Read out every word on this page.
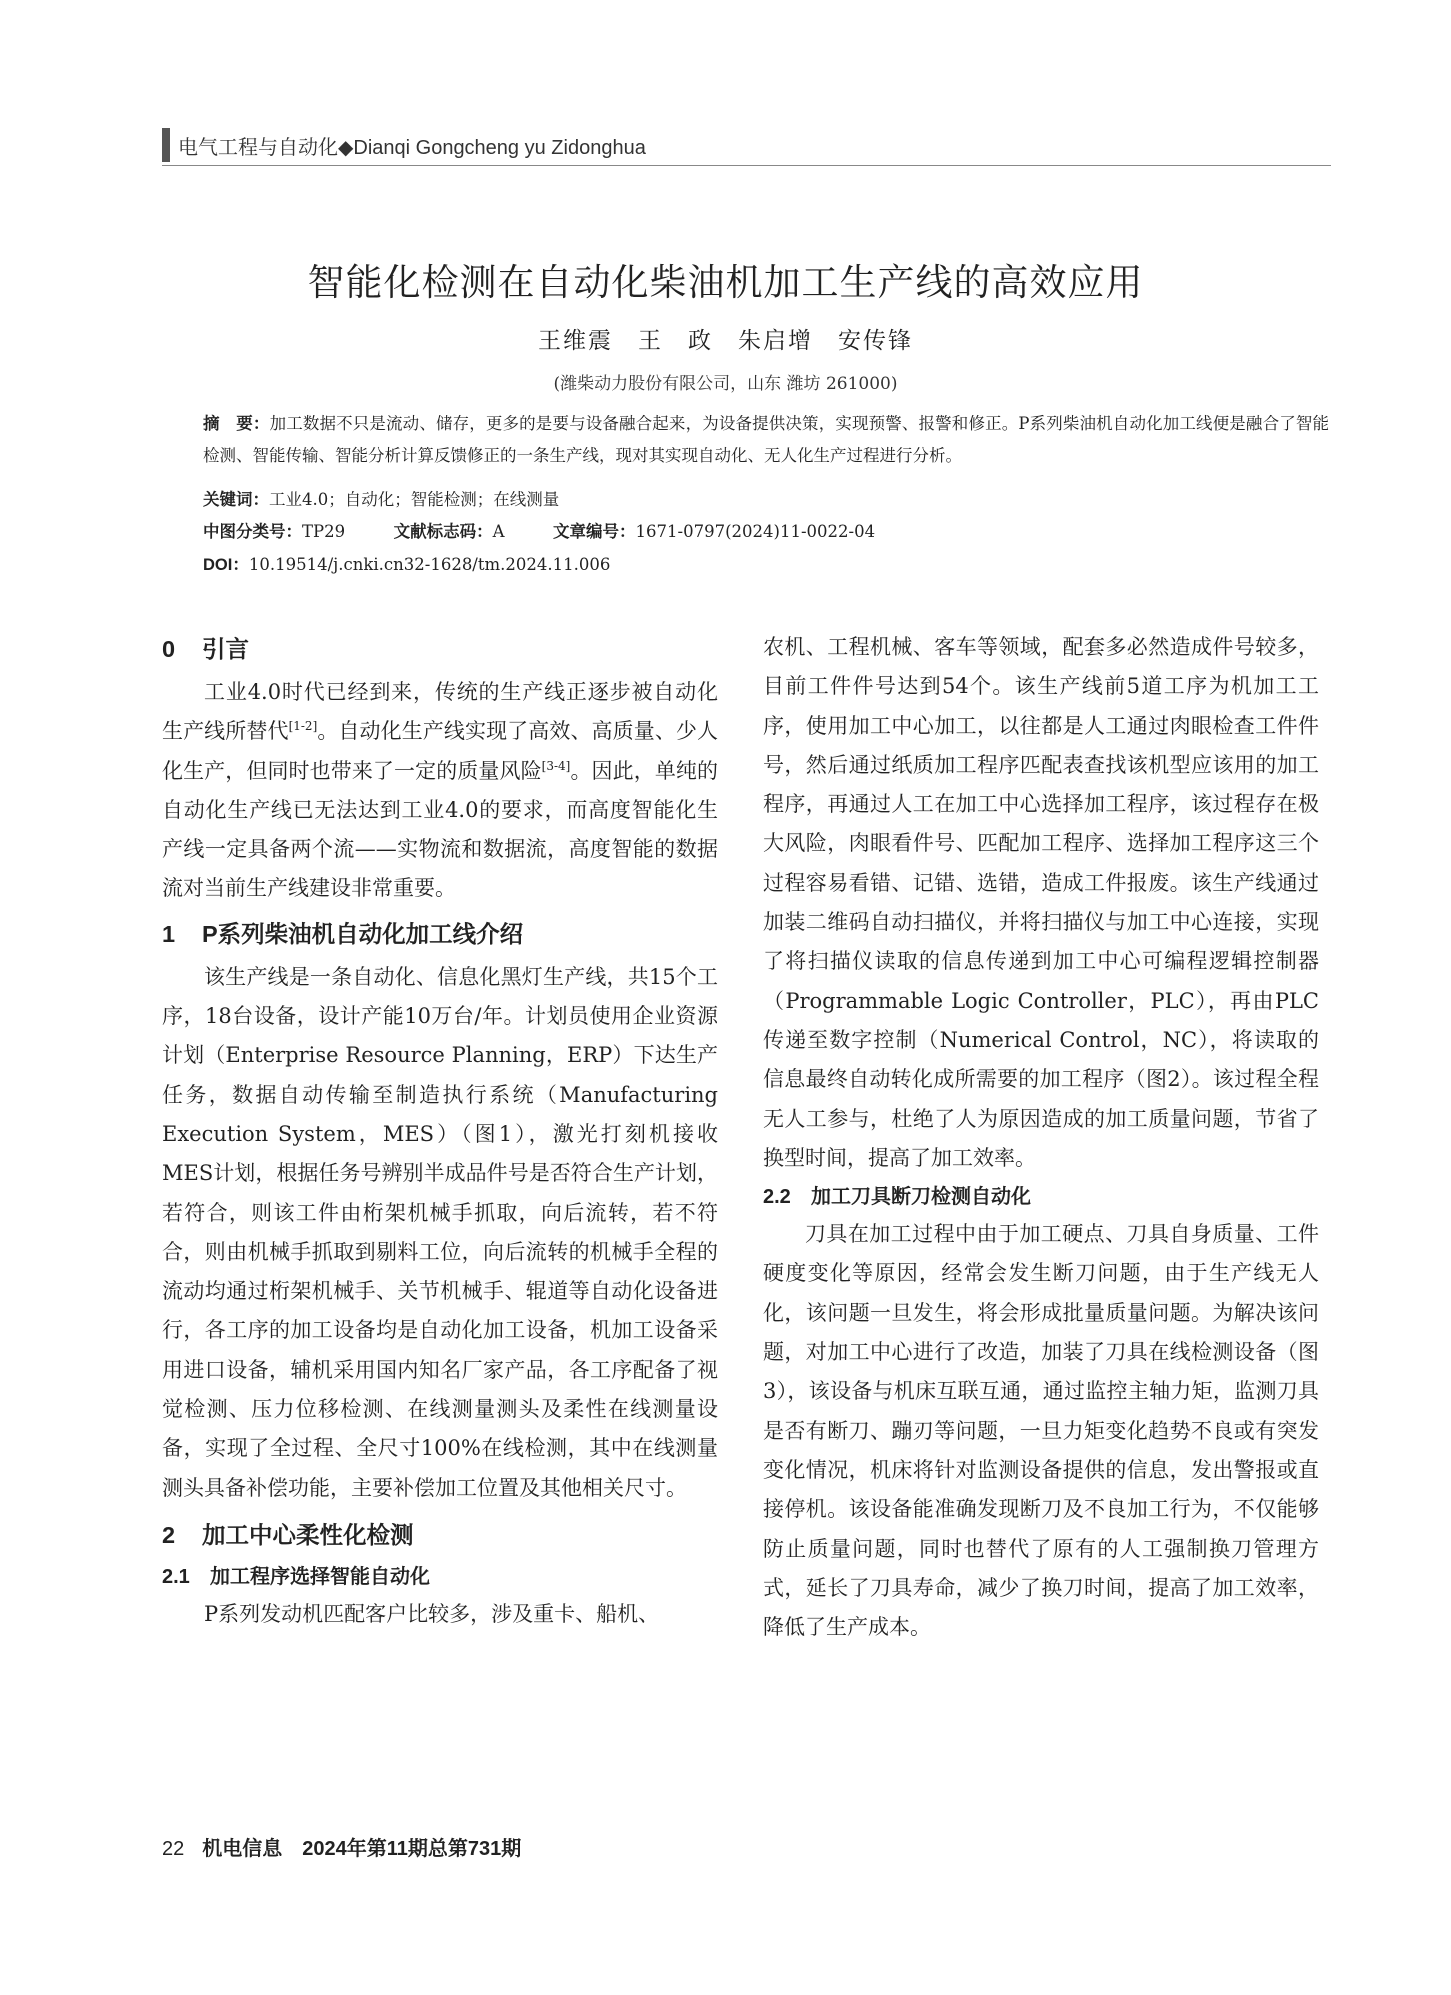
电气工程与自动化◆Dianqi Gongcheng yu Zidonghua
智能化检测在自动化柴油机加工生产线的高效应用
王维震　王　政　朱启增　安传锋
(潍柴动力股份有限公司，山东 潍坊 261000)
摘　要：加工数据不只是流动、储存，更多的是要与设备融合起来，为设备提供决策，实现预警、报警和修正。P系列柴油机自动化加工线便是融合了智能检测、智能传输、智能分析计算反馈修正的一条生产线，现对其实现自动化、无人化生产过程进行分析。
关键词：工业4.0；自动化；智能检测；在线测量
中图分类号：TP29	文献标志码：A	文章编号：1671-0797(2024)11-0022-04
DOI：10.19514/j.cnki.cn32-1628/tm.2024.11.006
0 引言

工业4.0时代已经到来，传统的生产线正逐步被自动化生产线所替代[1-2]。自动化生产线实现了高效、高质量、少人化生产，但同时也带来了一定的质量风险[3-4]。因此，单纯的自动化生产线已无法达到工业4.0的要求，而高度智能化生产线一定具备两个流——实物流和数据流，高度智能的数据流对当前生产线建设非常重要。

1 P系列柴油机自动化加工线介绍

该生产线是一条自动化、信息化黑灯生产线，共15个工序，18台设备，设计产能10万台/年。计划员使用企业资源计划（Enterprise Resource Planning，ERP）下达生产任务，数据自动传输至制造执行系统（Manufacturing Execution System，MES）（图1），激光打刻机接收MES计划，根据任务号辨别半成品件号是否符合生产计划，若符合，则该工件由桁架机械手抓取，向后流转，若不符合，则由机械手抓取到剔料工位，向后流转的机械手全程的流动均通过桁架机械手、关节机械手、辊道等自动化设备进行，各工序的加工设备均是自动化加工设备，机加工设备采用进口设备，辅机采用国内知名厂家产品，各工序配备了视觉检测、压力位移检测、在线测量测头及柔性在线测量设备，实现了全过程、全尺寸100%在线检测，其中在线测量测头具备补偿功能，主要补偿加工位置及其他相关尺寸。

2 加工中心柔性化检测
2.1 加工程序选择智能自动化

P系列发动机匹配客户比较多，涉及重卡、船机、

农机、工程机械、客车等领域，配套多必然造成件号较多，目前工件件号达到54个。该生产线前5道工序为机加工工序，使用加工中心加工，以往都是人工通过肉眼检查工件件号，然后通过纸质加工程序匹配表查找该机型应该用的加工程序，再通过人工在加工中心选择加工程序，该过程存在极大风险，肉眼看件号、匹配加工程序、选择加工程序这三个过程容易看错、记错、选错，造成工件报废。该生产线通过加装二维码自动扫描仪，并将扫描仪与加工中心连接，实现了将扫描仪读取的信息传递到加工中心可编程逻辑控制器（Programmable Logic Controller，PLC），再由PLC传递至数字控制（Numerical Control，NC），将读取的信息最终自动转化成所需要的加工程序（图2）。该过程全程无人工参与，杜绝了人为原因造成的加工质量问题，节省了换型时间，提高了加工效率。

2.2 加工刀具断刀检测自动化

刀具在加工过程中由于加工硬点、刀具自身质量、工件硬度变化等原因，经常会发生断刀问题，由于生产线无人化，该问题一旦发生，将会形成批量质量问题。为解决该问题，对加工中心进行了改造，加装了刀具在线检测设备（图3），该设备与机床互联互通，通过监控主轴力矩，监测刀具是否有断刀、蹦刃等问题，一旦力矩变化趋势不良或有突发变化情况，机床将针对监测设备提供的信息，发出警报或直接停机。该设备能准确发现断刀及不良加工行为，不仅能够防止质量问题，同时也替代了原有的人工强制换刀管理方式，延长了刀具寿命，减少了换刀时间，提高了加工效率，降低了生产成本。

22 机电信息　2024年第11期总第731期
